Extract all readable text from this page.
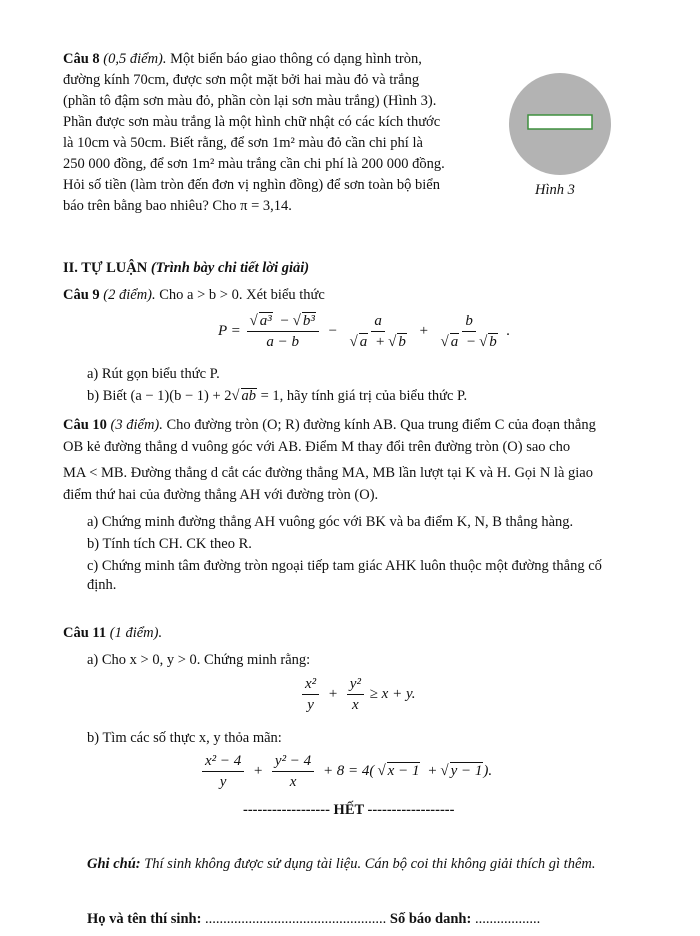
Câu 8 (0,5 điểm). Một biển báo giao thông có dạng hình tròn,
đường kính 70cm, được sơn một mặt bởi hai màu đỏ và trắng
(phần tô đậm sơn màu đỏ, phần còn lại sơn màu trắng) (Hình 3).
Phần được sơn màu trắng là một hình chữ nhật có các kích thước
là 10cm và 50cm. Biết rằng, để sơn 1m² màu đỏ cần chi phí là
250 000 đồng, để sơn 1m² màu trắng cần chi phí là 200 000 đồng.
Hỏi số tiền (làm tròn đến đơn vị nghìn đồng) để sơn toàn bộ biển
báo trên bằng bao nhiêu? Cho π = 3,14.
Hình 3
II. TỰ LUẬN (Trình bày chi tiết lời giải)
Câu 9 (2 điểm). Cho a > b > 0. Xét biểu thức
$P = \frac{\text{√ a³ − √ b³}}{a - b} - \frac{a}{√ a + √ b} + \frac{b}{√ a - √ b}$ .
a) Rút gọn biểu thức P.
b) Biết (a − 1)(b − 1) + 2√ ab = 1, hãy tính giá trị của biểu thức P.
Câu 10 (3 điểm). Cho đường tròn (O; R) đường kính AB. Qua trung điểm C của đoạn thẳng
OB kẻ đường thẳng d vuông góc với AB. Điểm M thay đổi trên đường tròn (O) sao cho
MA < MB. Đường thẳng d cắt các đường thẳng MA, MB lần lượt tại K và H. Gọi N là giao
điểm thứ hai của đường thẳng AH với đường tròn (O).
a) Chứng minh đường thẳng AH vuông góc với BK và ba điểm K, N, B thẳng hàng.
b) Tính tích CH. CK theo R.
c) Chứng minh tâm đường tròn ngoại tiếp tam giác AHK luôn thuộc một đường thẳng cố
định.
Câu 11 (1 điểm).
a) Cho x > 0, y > 0. Chứng minh rằng:
$\frac{\text{x²}}{y} + \frac{\text{y²}}{x} \ge x + y$.
b) Tìm các số thực x, y thỏa mãn:
$\frac{\text{x² − 4}}{y} + \frac{\text{y² − 4}}{x} + 8 = 4$( √ x − 1 + √ y − 1).
------------------ HẾT ------------------
Ghi chú: Thí sinh không được sử dụng tài liệu. Cán bộ coi thi không giải thích gì thêm.
Họ và tên thí sinh: .................................................. Số báo danh: ..................
